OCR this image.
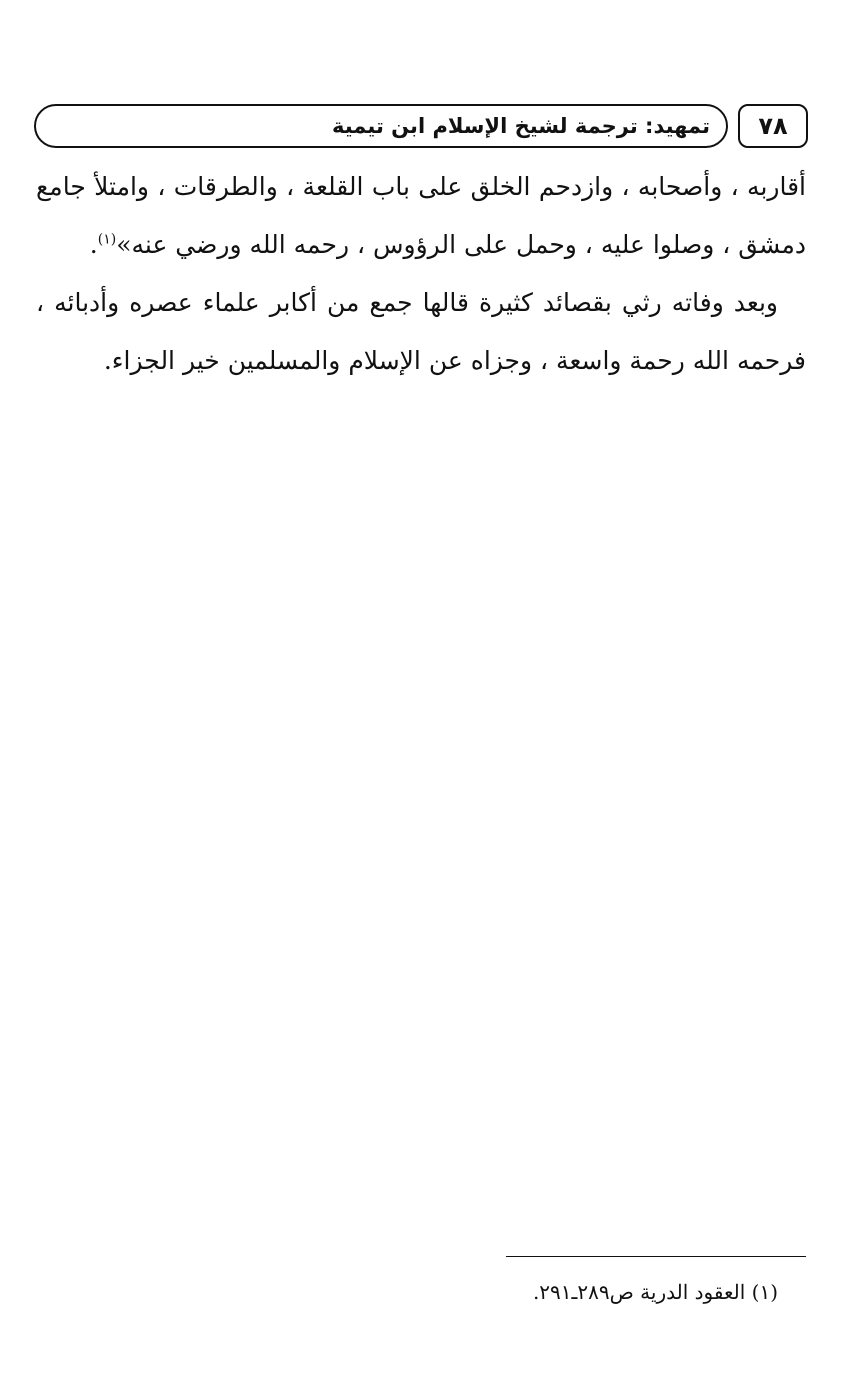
٧٨
تمهيد: ترجمة لشيخ الإسلام ابن تيمية

أقاربه ، وأصحابه ، وازدحم الخلق على باب القلعة ، والطرقات ، وامتلأ جامع دمشق ، وصلوا عليه ، وحمل على الرؤوس ، رحمه الله ورضي عنه»$^{(١)}$.

وبعد وفاته رثي بقصائد كثيرة قالها جمع من أكابر علماء عصره وأدبائه ، فرحمه الله رحمة واسعة ، وجزاه عن الإسلام والمسلمين خير الجزاء.

(١) العقود الدرية ص٢٨٩ـ٢٩١.
